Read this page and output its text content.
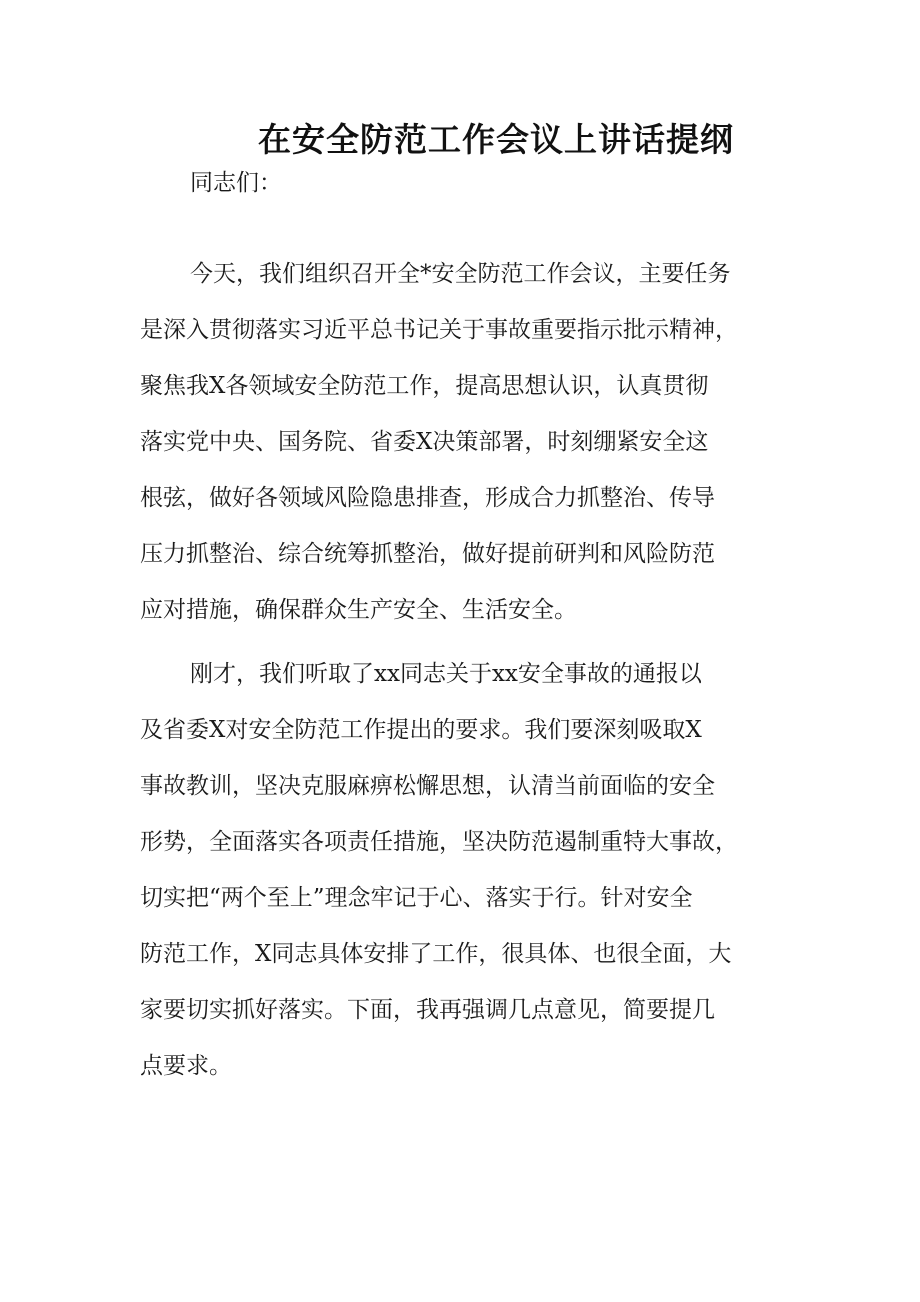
在安全防范工作会议上讲话提纲
同志们：
今天，我们组织召开全*安全防范工作会议，主要任务
是深入贯彻落实习近平总书记关于事故重要指示批示精神，
聚焦我X各领域安全防范工作，提高思想认识，认真贯彻
落实党中央、国务院、省委X决策部署，时刻绷紧安全这
根弦，做好各领域风险隐患排查，形成合力抓整治、传导
压力抓整治、综合统筹抓整治，做好提前研判和风险防范
应对措施，确保群众生产安全、生活安全。
刚才，我们听取了xx同志关于xx安全事故的通报以
及省委X对安全防范工作提出的要求。我们要深刻吸取X
事故教训，坚决克服麻痹松懈思想，认清当前面临的安全
形势，全面落实各项责任措施，坚决防范遏制重特大事故，
切实把“两个至上”理念牢记于心、落实于行。针对安全
防范工作，X同志具体安排了工作，很具体、也很全面，大
家要切实抓好落实。下面，我再强调几点意见，简要提几
点要求。
